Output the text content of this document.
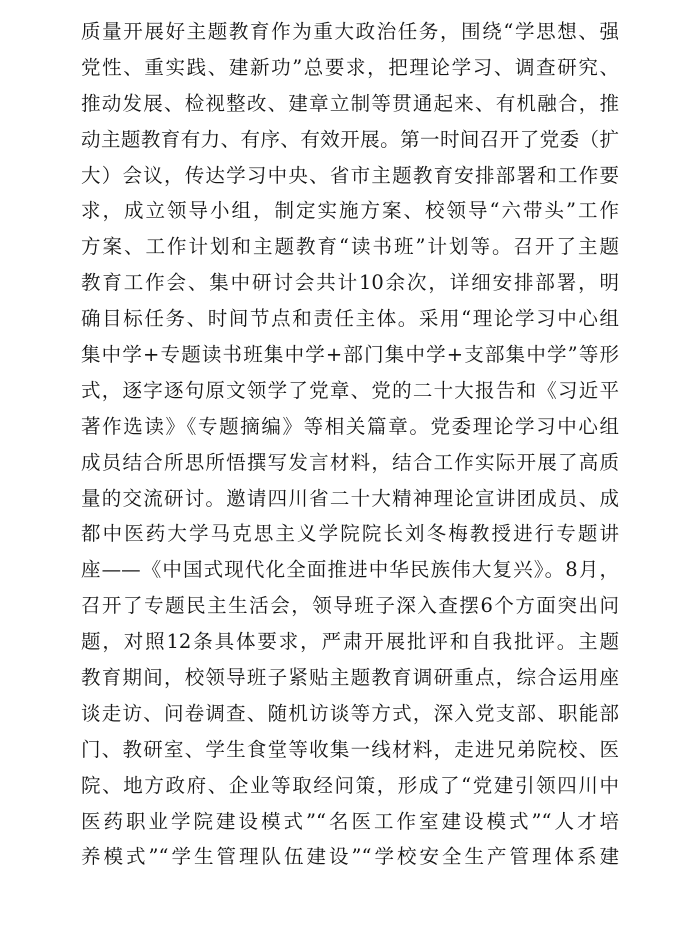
质量开展好主题教育作为重大政治任务，围绕“学思想、强
党性、重实践、建新功”总要求，把理论学习、调查研究、
推动发展、检视整改、建章立制等贯通起来、有机融合，推
动主题教育有力、有序、有效开展。第一时间召开了党委（扩
大）会议，传达学习中央、省市主题教育安排部署和工作要
求，成立领导小组，制定实施方案、校领导“六带头”工作
方案、工作计划和主题教育“读书班”计划等。召开了主题
教育工作会、集中研讨会共计10余次，详细安排部署，明
确目标任务、时间节点和责任主体。采用“理论学习中心组
集中学+专题读书班集中学+部门集中学+支部集中学”等形
式，逐字逐句原文领学了党章、党的二十大报告和《习近平
著作选读》《专题摘编》等相关篇章。党委理论学习中心组
成员结合所思所悟撰写发言材料，结合工作实际开展了高质
量的交流研讨。邀请四川省二十大精神理论宣讲团成员、成
都中医药大学马克思主义学院院长刘冬梅教授进行专题讲
座——《中国式现代化全面推进中华民族伟大复兴》。8月，
召开了专题民主生活会，领导班子深入查摆6个方面突出问
题，对照12条具体要求，严肃开展批评和自我批评。主题
教育期间，校领导班子紧贴主题教育调研重点，综合运用座
谈走访、问卷调查、随机访谈等方式，深入党支部、职能部
门、教研室、学生食堂等收集一线材料，走进兄弟院校、医
院、地方政府、企业等取经问策，形成了“党建引领四川中
医药职业学院建设模式”“名医工作室建设模式”“人才培
养模式”“学生管理队伍建设”“学校安全生产管理体系建
